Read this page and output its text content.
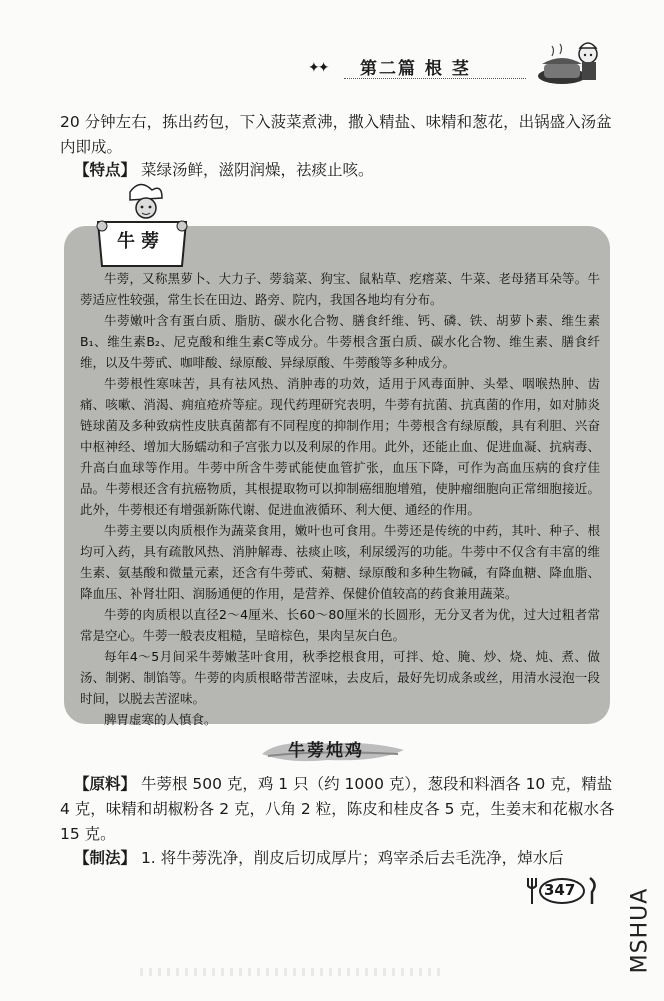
✦✦ 第二篇 根 茎
20 分钟左右，拣出药包，下入菠菜煮沸，撒入精盐、味精和葱花，出锅盛入汤盆内即成。
【特点】 菜绿汤鲜，滋阴润燥，祛痰止咳。
牛蒡

牛蒡，又称黑萝卜、大力子、蒡翁菜、狗宝、鼠粘草、疙瘩菜、牛菜、老母猪耳朵等。牛蒡适应性较强，常生长在田边、路旁、院内，我国各地均有分布。

牛蒡嫩叶含有蛋白质、脂肪、碳水化合物、膳食纤维、钙、磷、铁、胡萝卜素、维生素B₁、维生素B₂、尼克酸和维生素C等成分。牛蒡根含蛋白质、碳水化合物、维生素、膳食纤维，以及牛蒡甙、咖啡酸、绿原酸、异绿原酸、牛蒡酸等多种成分。

牛蒡根性寒味苦，具有祛风热、消肿毒的功效，适用于风毒面肿、头晕、咽喉热肿、齿痛、咳嗽、消渴、痈疽疮疥等症。现代药理研究表明，牛蒡有抗菌、抗真菌的作用，如对肺炎链球菌及多种致病性皮肤真菌都有不同程度的抑制作用；牛蒡根含有绿原酸，具有利胆、兴奋中枢神经、增加大肠蠕动和子宫张力以及利尿的作用。此外，还能止血、促进血凝、抗病毒、升高白血球等作用。牛蒡中所含牛蒡甙能使血管扩张，血压下降，可作为高血压病的食疗佳品。牛蒡根还含有抗癌物质，其根提取物可以抑制癌细胞增殖，使肿瘤细胞向正常细胞接近。此外，牛蒡根还有增强新陈代谢、促进血液循环、利大便、通经的作用。

牛蒡主要以肉质根作为蔬菜食用，嫩叶也可食用。牛蒡还是传统的中药，其叶、种子、根均可入药，具有疏散风热、消肿解毒、祛痰止咳，利尿缓泻的功能。牛蒡中不仅含有丰富的维生素、氨基酸和微量元素，还含有牛蒡甙、菊糖、绿原酸和多种生物碱，有降血糖、降血脂、降血压、补肾壮阳、润肠通便的作用，是营养、保健价值较高的药食兼用蔬菜。

牛蒡的肉质根以直径2～4厘米、长60～80厘米的长圆形，无分叉者为优，过大过粗者常常是空心。牛蒡一般表皮粗糙，呈暗棕色，果肉呈灰白色。

每年4～5月间采牛蒡嫩茎叶食用，秋季挖根食用，可拌、炝、腌、炒、烧、炖、煮、做汤、制粥、制馅等。牛蒡的肉质根略带苦涩味，去皮后，最好先切成条或丝，用清水浸泡一段时间，以脱去苦涩味。

脾胃虚寒的人慎食。

牛蒡炖鸡
【原料】 牛蒡根 500 克，鸡 1 只（约 1000 克），葱段和料酒各 10 克，精盐 4 克，味精和胡椒粉各 2 克，八角 2 粒，陈皮和桂皮各 5 克，生姜末和花椒水各 15 克。
【制法】 1. 将牛蒡洗净，削皮后切成厚片；鸡宰杀后去毛洗净，焯水后
347 MSHUA
